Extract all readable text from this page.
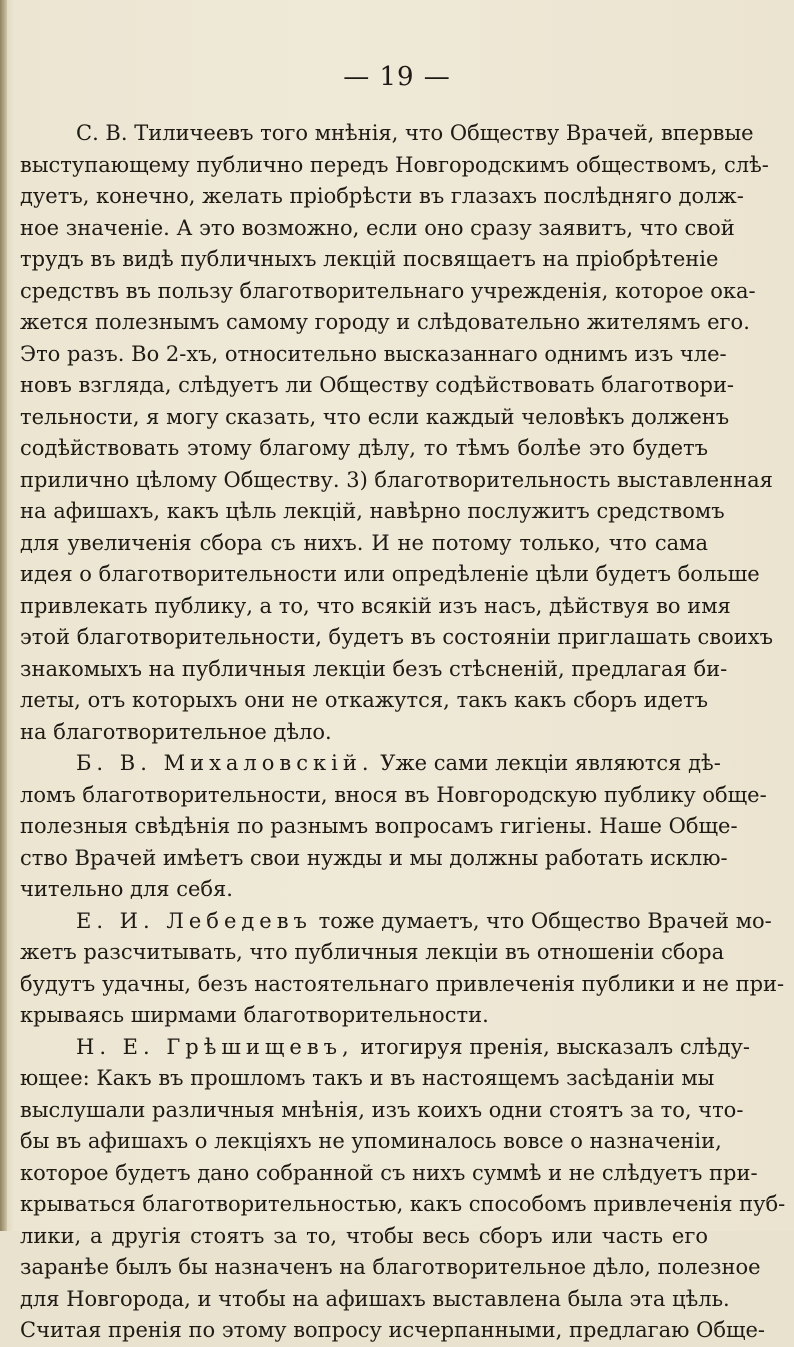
— 19 —
С. В. Тиличеевъ того мнѣнія, что Обществу Врачей, впервые
выступающему публично передъ Новгородскимъ обществомъ, слѣ-
дуетъ, конечно, желать пріобрѣсти въ глазахъ послѣдняго долж-
ное значеніе. А это возможно, если оно сразу заявитъ, что свой
трудъ въ видѣ публичныхъ лекцій посвящаетъ на пріобрѣтеніе
средствъ въ пользу благотворительнаго учрежденія, которое ока-
жется полезнымъ самому городу и слѣдовательно жителямъ его.
Это разъ. Во 2-хъ, относительно высказаннаго однимъ изъ чле-
новъ взгляда, слѣдуетъ ли Обществу содѣйствовать благотвори-
тельности, я могу сказать, что если каждый человѣкъ долженъ
содѣйствовать этому благому дѣлу, то тѣмъ болѣе это будетъ
прилично цѣлому Обществу. 3) благотворительность выставленная
на афишахъ, какъ цѣль лекцій, навѣрно послужитъ средствомъ
для увеличенія сбора съ нихъ. И не потому только, что сама
идея о благотворительности или опредѣленіе цѣли будетъ больше
привлекать публику, а то, что всякій изъ насъ, дѣйствуя во имя
этой благотворительности, будетъ въ состояніи приглашать своихъ
знакомыхъ на публичныя лекціи безъ стѣсненій, предлагая би-
леты, отъ которыхъ они не откажутся, такъ какъ сборъ идетъ
на благотворительное дѣло.
Б. В. Михаловскій. Уже сами лекціи являются дѣ-
ломъ благотворительности, внося въ Новгородскую публику обще-
полезныя свѣдѣнія по разнымъ вопросамъ гигіены. Наше Обще-
ство Врачей имѣетъ свои нужды и мы должны работать исклю-
чительно для себя.
Е. И. Лебедевъ тоже думаетъ, что Общество Врачей мо-
жетъ разсчитывать, что публичныя лекціи въ отношеніи сбора
будутъ удачны, безъ настоятельнаго привлеченія публики и не при-
крываясь ширмами благотворительности.
Н. Е. Грѣшищевъ, итогируя пренія, высказалъ слѣду-
ющее: Какъ въ прошломъ такъ и въ настоящемъ засѣданіи мы
выслушали различныя мнѣнія, изъ коихъ одни стоятъ за то, что-
бы въ афишахъ о лекціяхъ не упоминалось вовсе о назначеніи,
которое будетъ дано собранной съ нихъ суммѣ и не слѣдуетъ при-
крываться благотворительностью, какъ способомъ привлеченія пуб-
лики, а другія стоятъ за то, чтобы весь сборъ или часть его
заранѣе былъ бы назначенъ на благотворительное дѣло, полезное
для Новгорода, и чтобы на афишахъ выставлена была эта цѣль.
Считая пренія по этому вопросу исчерпанными, предлагаю Обще-
